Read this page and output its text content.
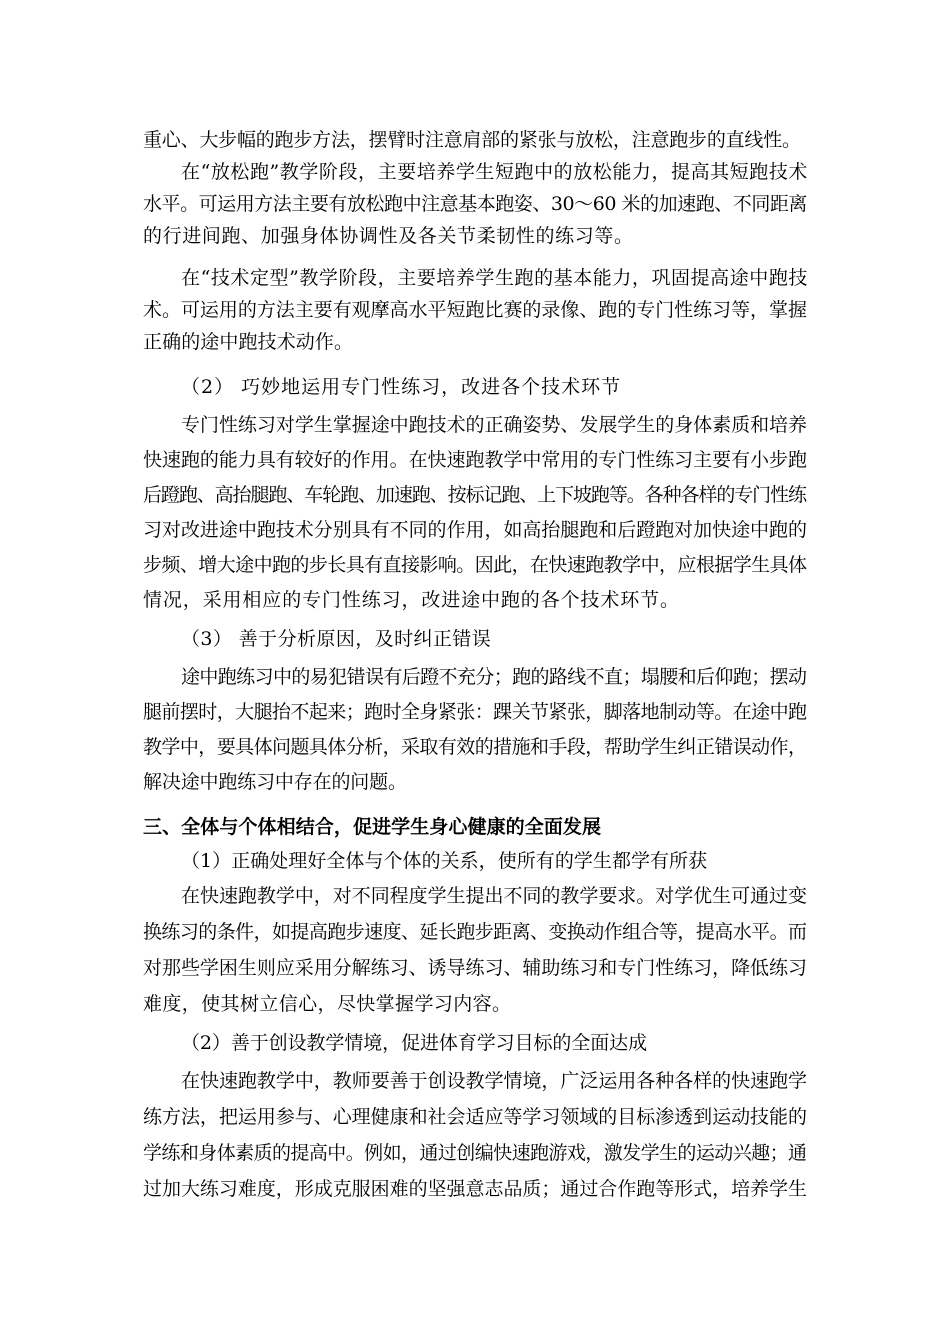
重心、大步幅的跑步方法，摆臂时注意肩部的紧张与放松，注意跑步的直线性。
在“放松跑”教学阶段，主要培养学生短跑中的放松能力，提高其短跑技术
水平。可运用方法主要有放松跑中注意基本跑姿、30～60 米的加速跑、不同距离
的行进间跑、加强身体协调性及各关节柔韧性的练习等。
在“技术定型”教学阶段，主要培养学生跑的基本能力，巩固提高途中跑技
术。可运用的方法主要有观摩高水平短跑比赛的录像、跑的专门性练习等，掌握
正确的途中跑技术动作。
（2） 巧妙地运用专门性练习，改进各个技术环节
专门性练习对学生掌握途中跑技术的正确姿势、发展学生的身体素质和培养
快速跑的能力具有较好的作用。在快速跑教学中常用的专门性练习主要有小步跑
后蹬跑、高抬腿跑、车轮跑、加速跑、按标记跑、上下坡跑等。各种各样的专门性练
习对改进途中跑技术分别具有不同的作用，如高抬腿跑和后蹬跑对加快途中跑的
步频、增大途中跑的步长具有直接影响。因此，在快速跑教学中，应根据学生具体
情况，采用相应的专门性练习，改进途中跑的各个技术环节。
（3） 善于分析原因，及时纠正错误
途中跑练习中的易犯错误有后蹬不充分；跑的路线不直；塌腰和后仰跑；摆动
腿前摆时，大腿抬不起来；跑时全身紧张：踝关节紧张，脚落地制动等。在途中跑
教学中，要具体问题具体分析，采取有效的措施和手段，帮助学生纠正错误动作，
解决途中跑练习中存在的问题。
三、全体与个体相结合，促进学生身心健康的全面发展
（1）正确处理好全体与个体的关系，使所有的学生都学有所获
在快速跑教学中，对不同程度学生提出不同的教学要求。对学优生可通过变
换练习的条件，如提高跑步速度、延长跑步距离、变换动作组合等，提高水平。而
对那些学困生则应采用分解练习、诱导练习、辅助练习和专门性练习，降低练习
难度，使其树立信心，尽快掌握学习内容。
（2）善于创设教学情境，促进体育学习目标的全面达成
在快速跑教学中，教师要善于创设教学情境，广泛运用各种各样的快速跑学
练方法，把运用参与、心理健康和社会适应等学习领域的目标渗透到运动技能的
学练和身体素质的提高中。例如，通过创编快速跑游戏，激发学生的运动兴趣；通
过加大练习难度，形成克服困难的坚强意志品质；通过合作跑等形式，培养学生
